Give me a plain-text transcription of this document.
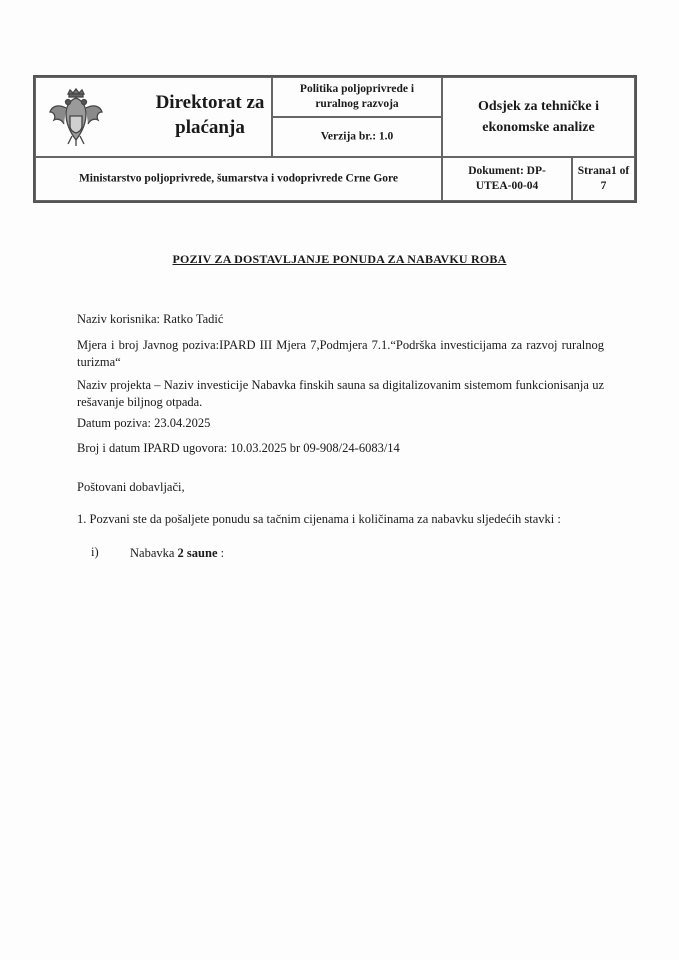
Direktorat za plaćanja
Politika poljoprivrede i ruralnog razvoja
Verzija br.: 1.0
Odsjek za tehničke i ekonomske analize
Ministarstvo poljoprivrede, šumarstva i vodoprivrede Crne Gore
Dokument: DP-UTEA-00-04
Strana1 of 7
POZIV ZA DOSTAVLJANJE PONUDA ZA NABAVKU ROBA
Naziv korisnika: Ratko Tadić
Mjera i broj Javnog poziva:IPARD III Mjera 7,Podmjera 7.1.“Podrška investicijama za razvoj ruralnog turizma“
Naziv projekta – Naziv investicije Nabavka finskih sauna sa digitalizovanim sistemom funkcionisanja uz rešavanje biljnog otpada.
Datum poziva: 23.04.2025
Broj i datum IPARD ugovora: 10.03.2025 br 09-908/24-6083/14
Poštovani dobavljači,
1. Pozvani ste da pošaljete ponudu sa tačnim cijenama i količinama za nabavku sljedećih stavki :
i)	Nabavka 2 saune :
